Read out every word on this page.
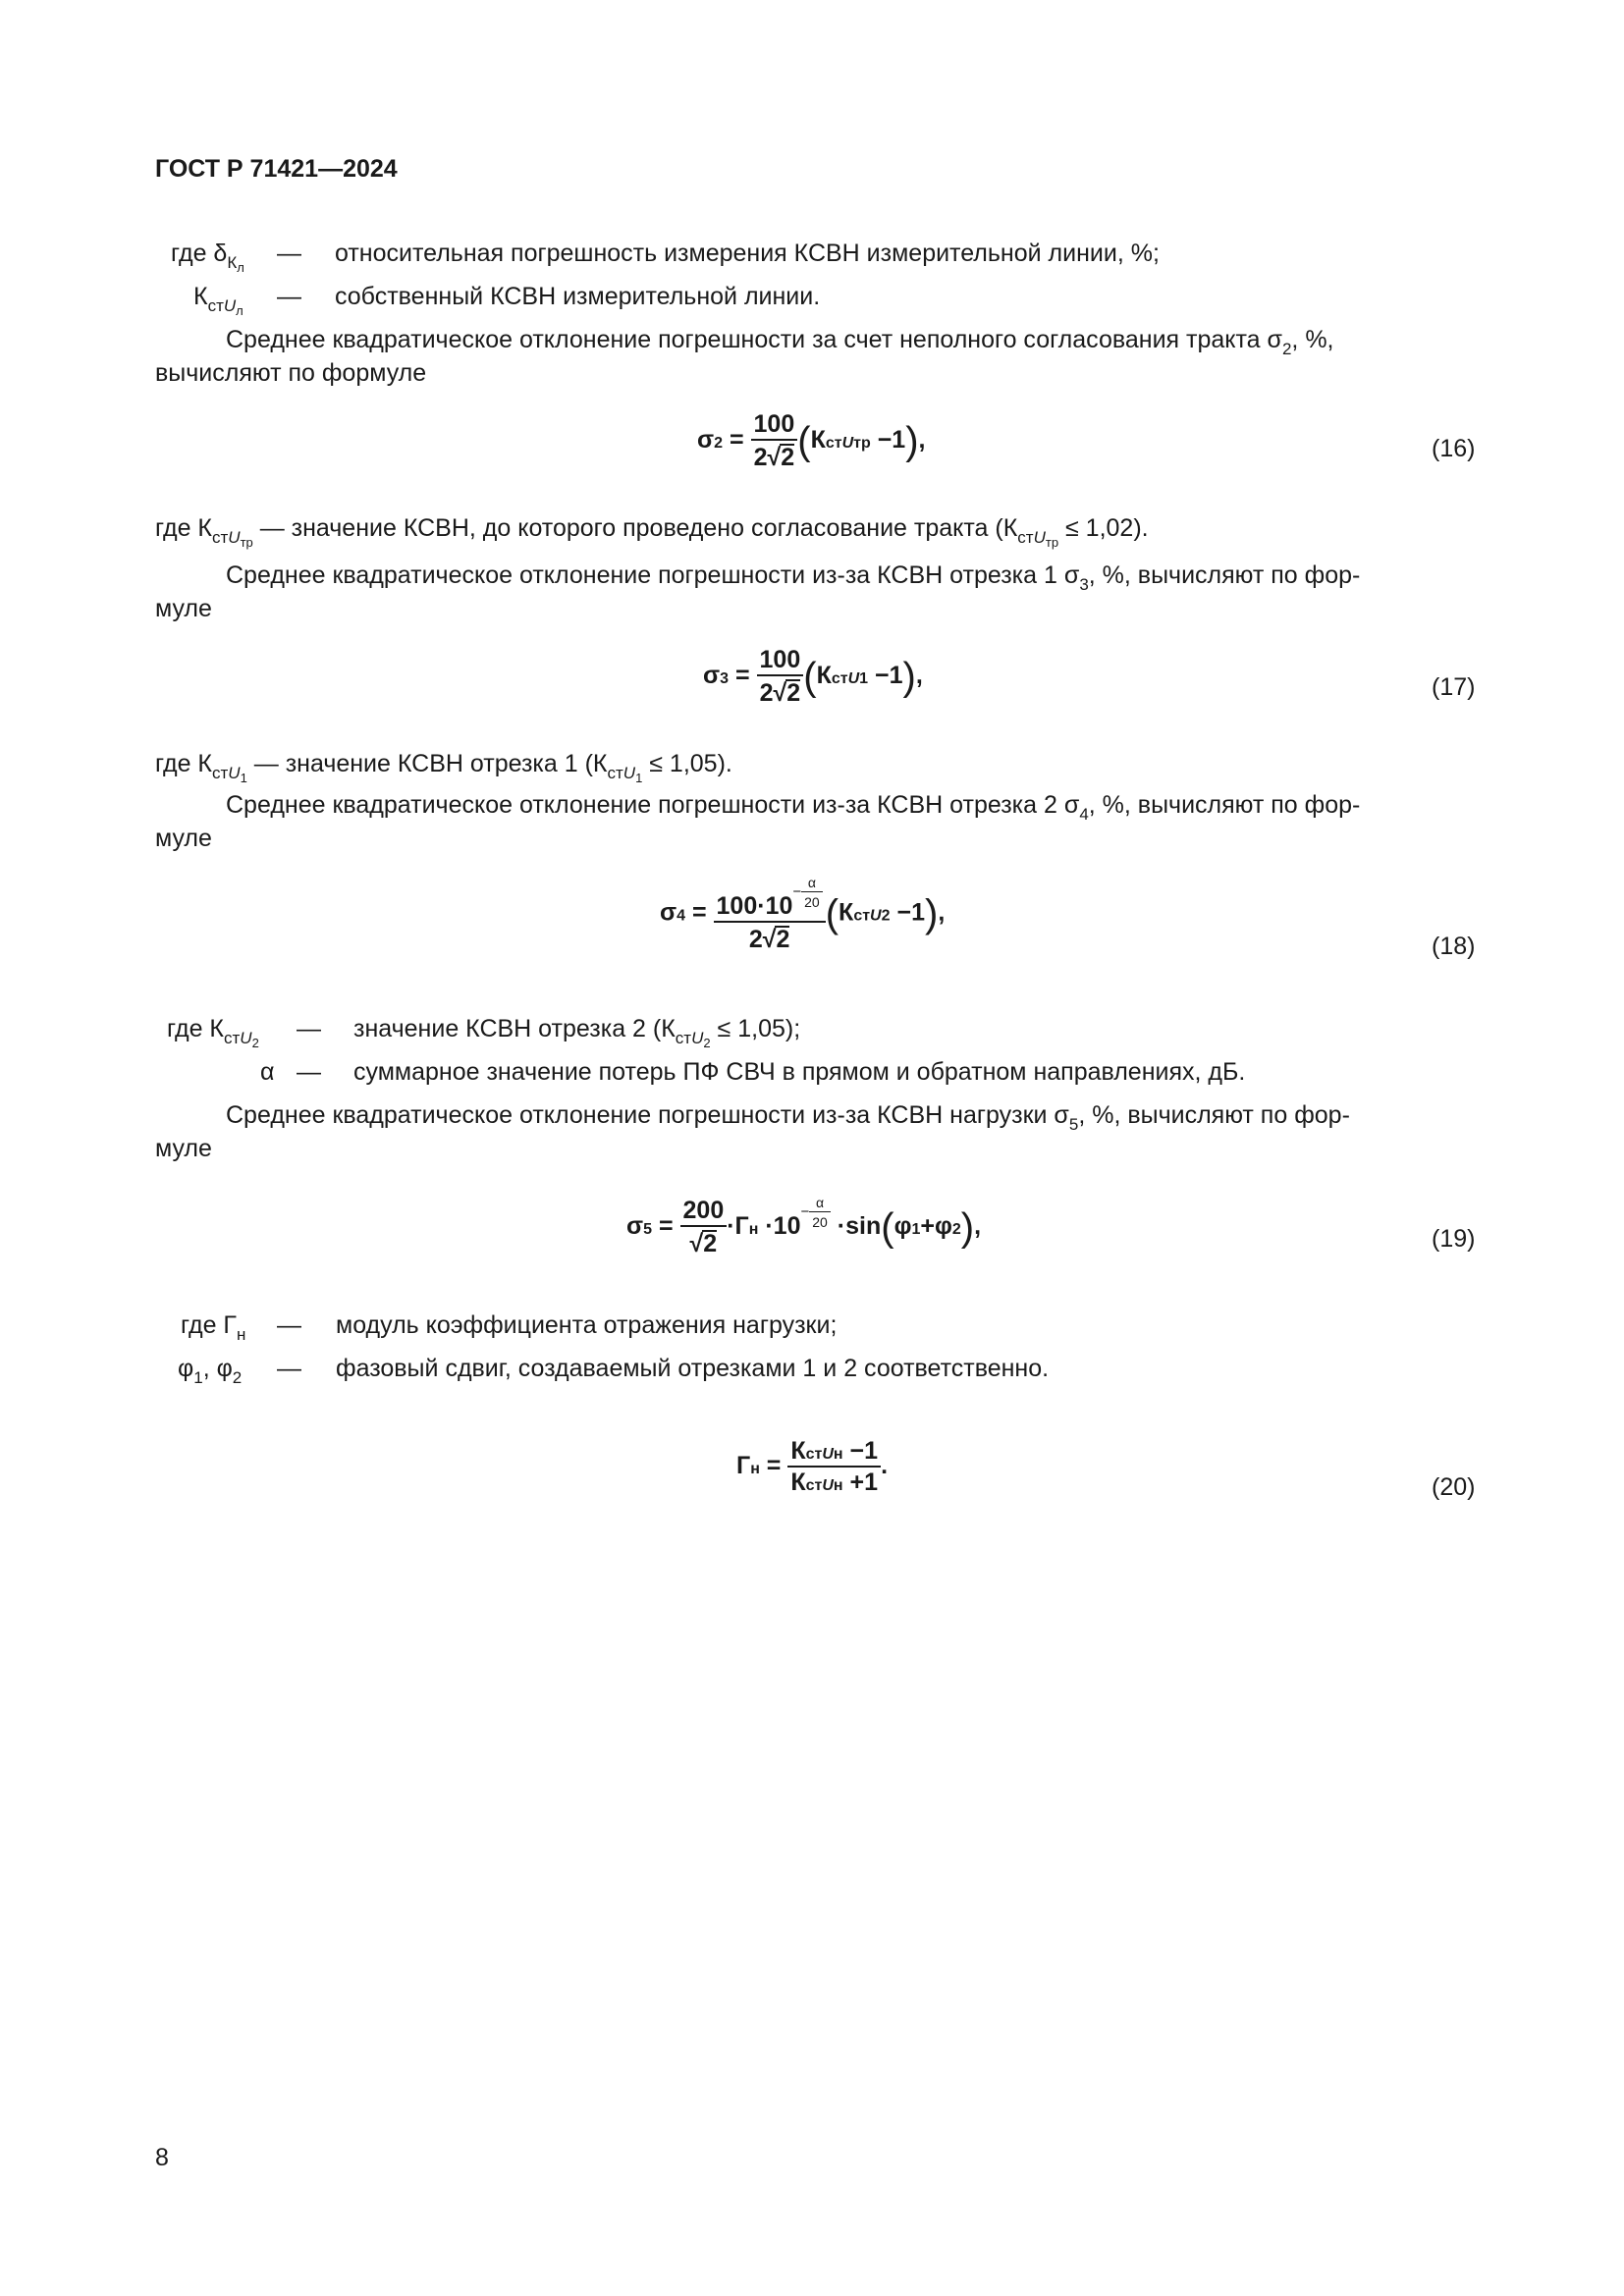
ГОСТ Р 71421—2024
где $\delta_{К_л}$
— относительная погрешность измерения КСВН измерительной линии, %;
$К_{стU_л}$
— собственный КСВН измерительной линии.
Среднее квадратическое отклонение погрешности за счет неполного согласования тракта $\sigma_2$, %,
вычисляют по формуле
$\sigma 2 = \frac{100}{2√2}$ (КстUтр −1),	(16)
где $К_{стU_{тр}}$ — значение КСВН, до которого проведено согласование тракта $(К_{стU_{тр}} \le 1,02)$.
Среднее квадратическое отклонение погрешности из-за КСВН отрезка 1 $\sigma_3$, %, вычисляют по фор-
муле
$\sigma 3 = \frac{100}{2√2}$ (КстU1 −1),	(17)
где $К_{стU_1}$ — значение КСВН отрезка 1 $(К_{стU_1} \le 1,05)$.
Среднее квадратическое отклонение погрешности из-за КСВН отрезка 2 $\sigma_4$, %, вычисляют по фор-
муле
$\sigma 4 = \frac{100\cdot 10- \frac{\alpha}{20}}{2√2}$ (КстU2 −1),
(18)
где $К_{стU_2}$
— значение КСВН отрезка 2 $(К_{стU_2} \le 1,05)$;
α — суммарное значение потерь ПФ СВЧ в прямом и обратном направлениях, дБ.
Среднее квадратическое отклонение погрешности из-за КСВН нагрузки $\sigma_5$, %, вычисляют по фор-
муле
$\sigma 5 = \frac{200}{√2} \cdot Гн \cdot 10- \frac{\alpha}{20} \cdot\sin(\varphi 1+\varphi 2)$,	(19)
где $Г_н$ — модуль коэффициента отражения нагрузки;
$\varphi_1$, $\varphi_2$ — фазовый сдвиг, создаваемый отрезками 1 и 2 соответственно.
Гн = $\frac{\text{КстUн −1}}{\text{КстUн +1}}$ .
(20)
8
